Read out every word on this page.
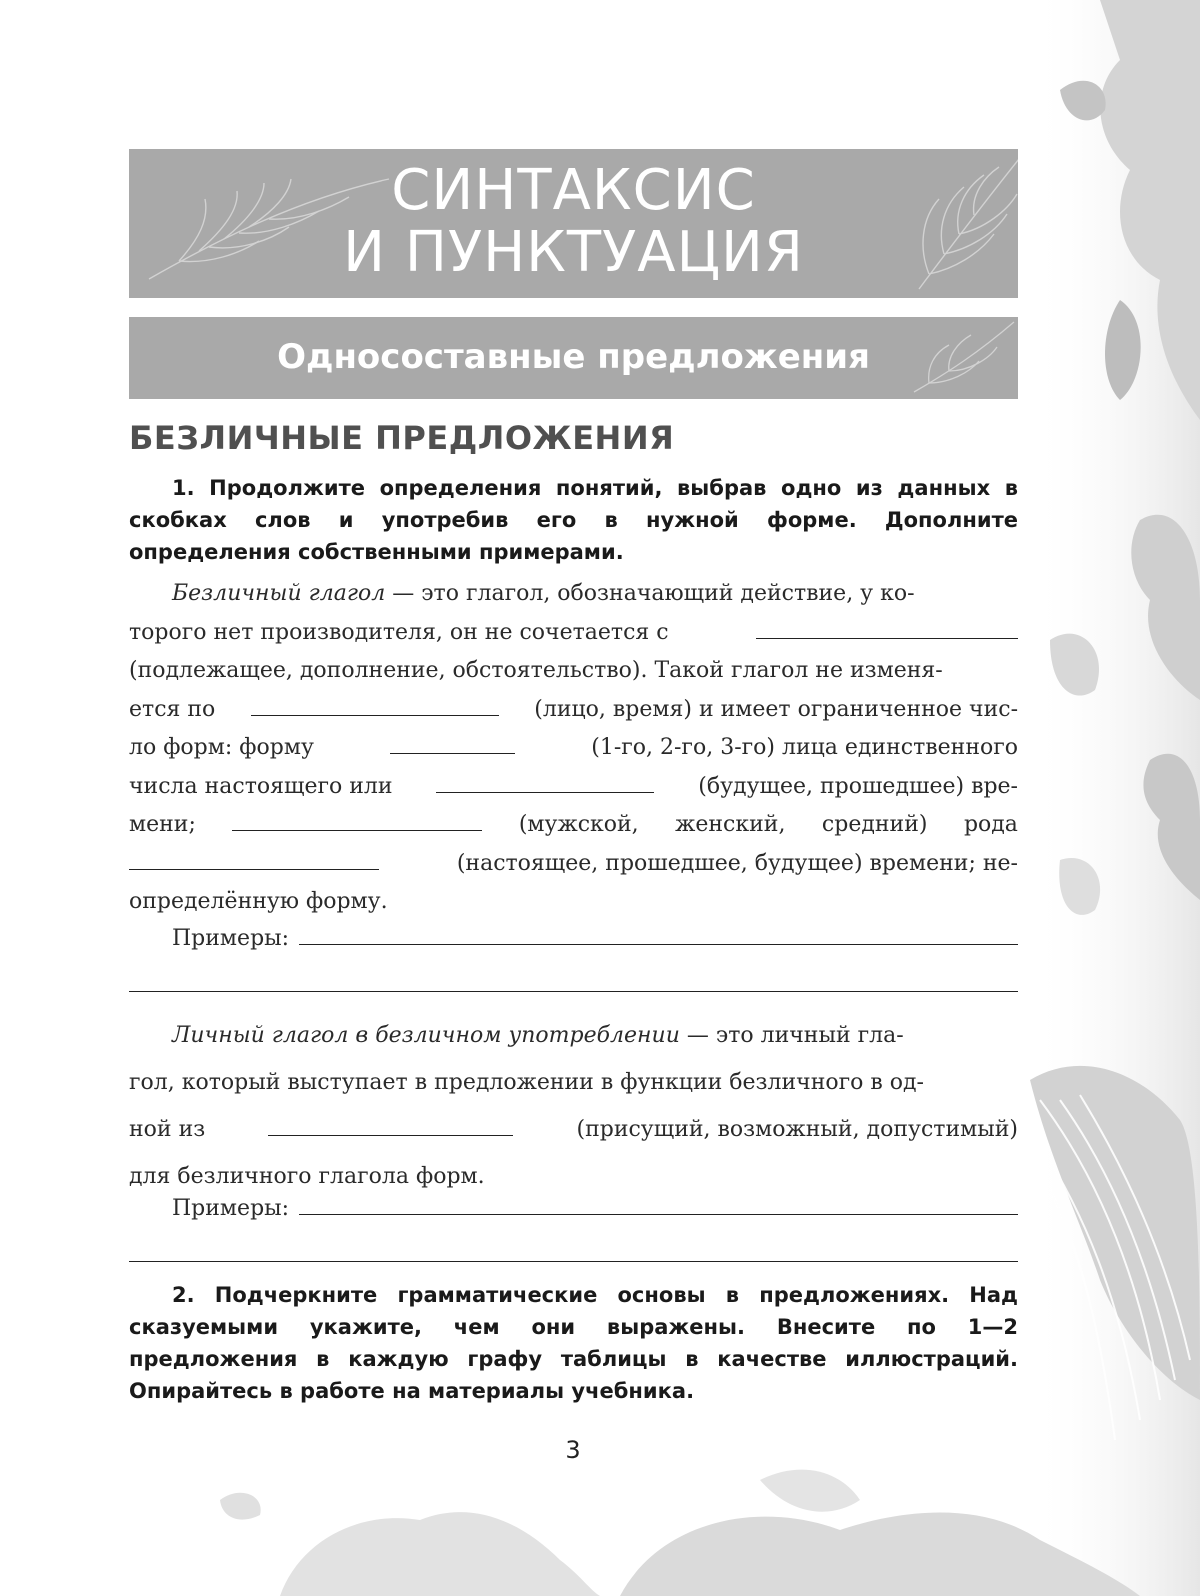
СИНТАКСИС
И ПУНКТУАЦИЯ
Односоставные предложения
БЕЗЛИЧНЫЕ ПРЕДЛОЖЕНИЯ
1. Продолжите определения понятий, выбрав одно из данных в скобках слов и употребив его в нужной форме. Дополните определения собственными примерами.
Безличный глагол — это глагол, обозначающий действие, у ко-
торого нет производителя, он не сочетается с
(подлежащее, дополнение, обстоятельство). Такой глагол не изменя-
ется по	(лицо, время) и имеет ограниченное чис-
ло форм: форму	(1-го, 2-го, 3-го) лица единственного
числа настоящего или	(будущее, прошедшее) вре-
мени;	(мужской, женский, средний) рода
(настоящее, прошедшее, будущее) времени; не-
определённую форму.
Примеры:
Личный глагол в безличном употреблении — это личный гла-
гол, который выступает в предложении в функции безличного в од-
ной из	(присущий, возможный, допустимый)
для безличного глагола форм.
Примеры:
2. Подчеркните грамматические основы в предложениях. Над сказуемыми укажите, чем они выражены. Внесите по 1—2 предложения в каждую графу таблицы в качестве иллюстраций. Опирайтесь в работе на материалы учебника.
3
